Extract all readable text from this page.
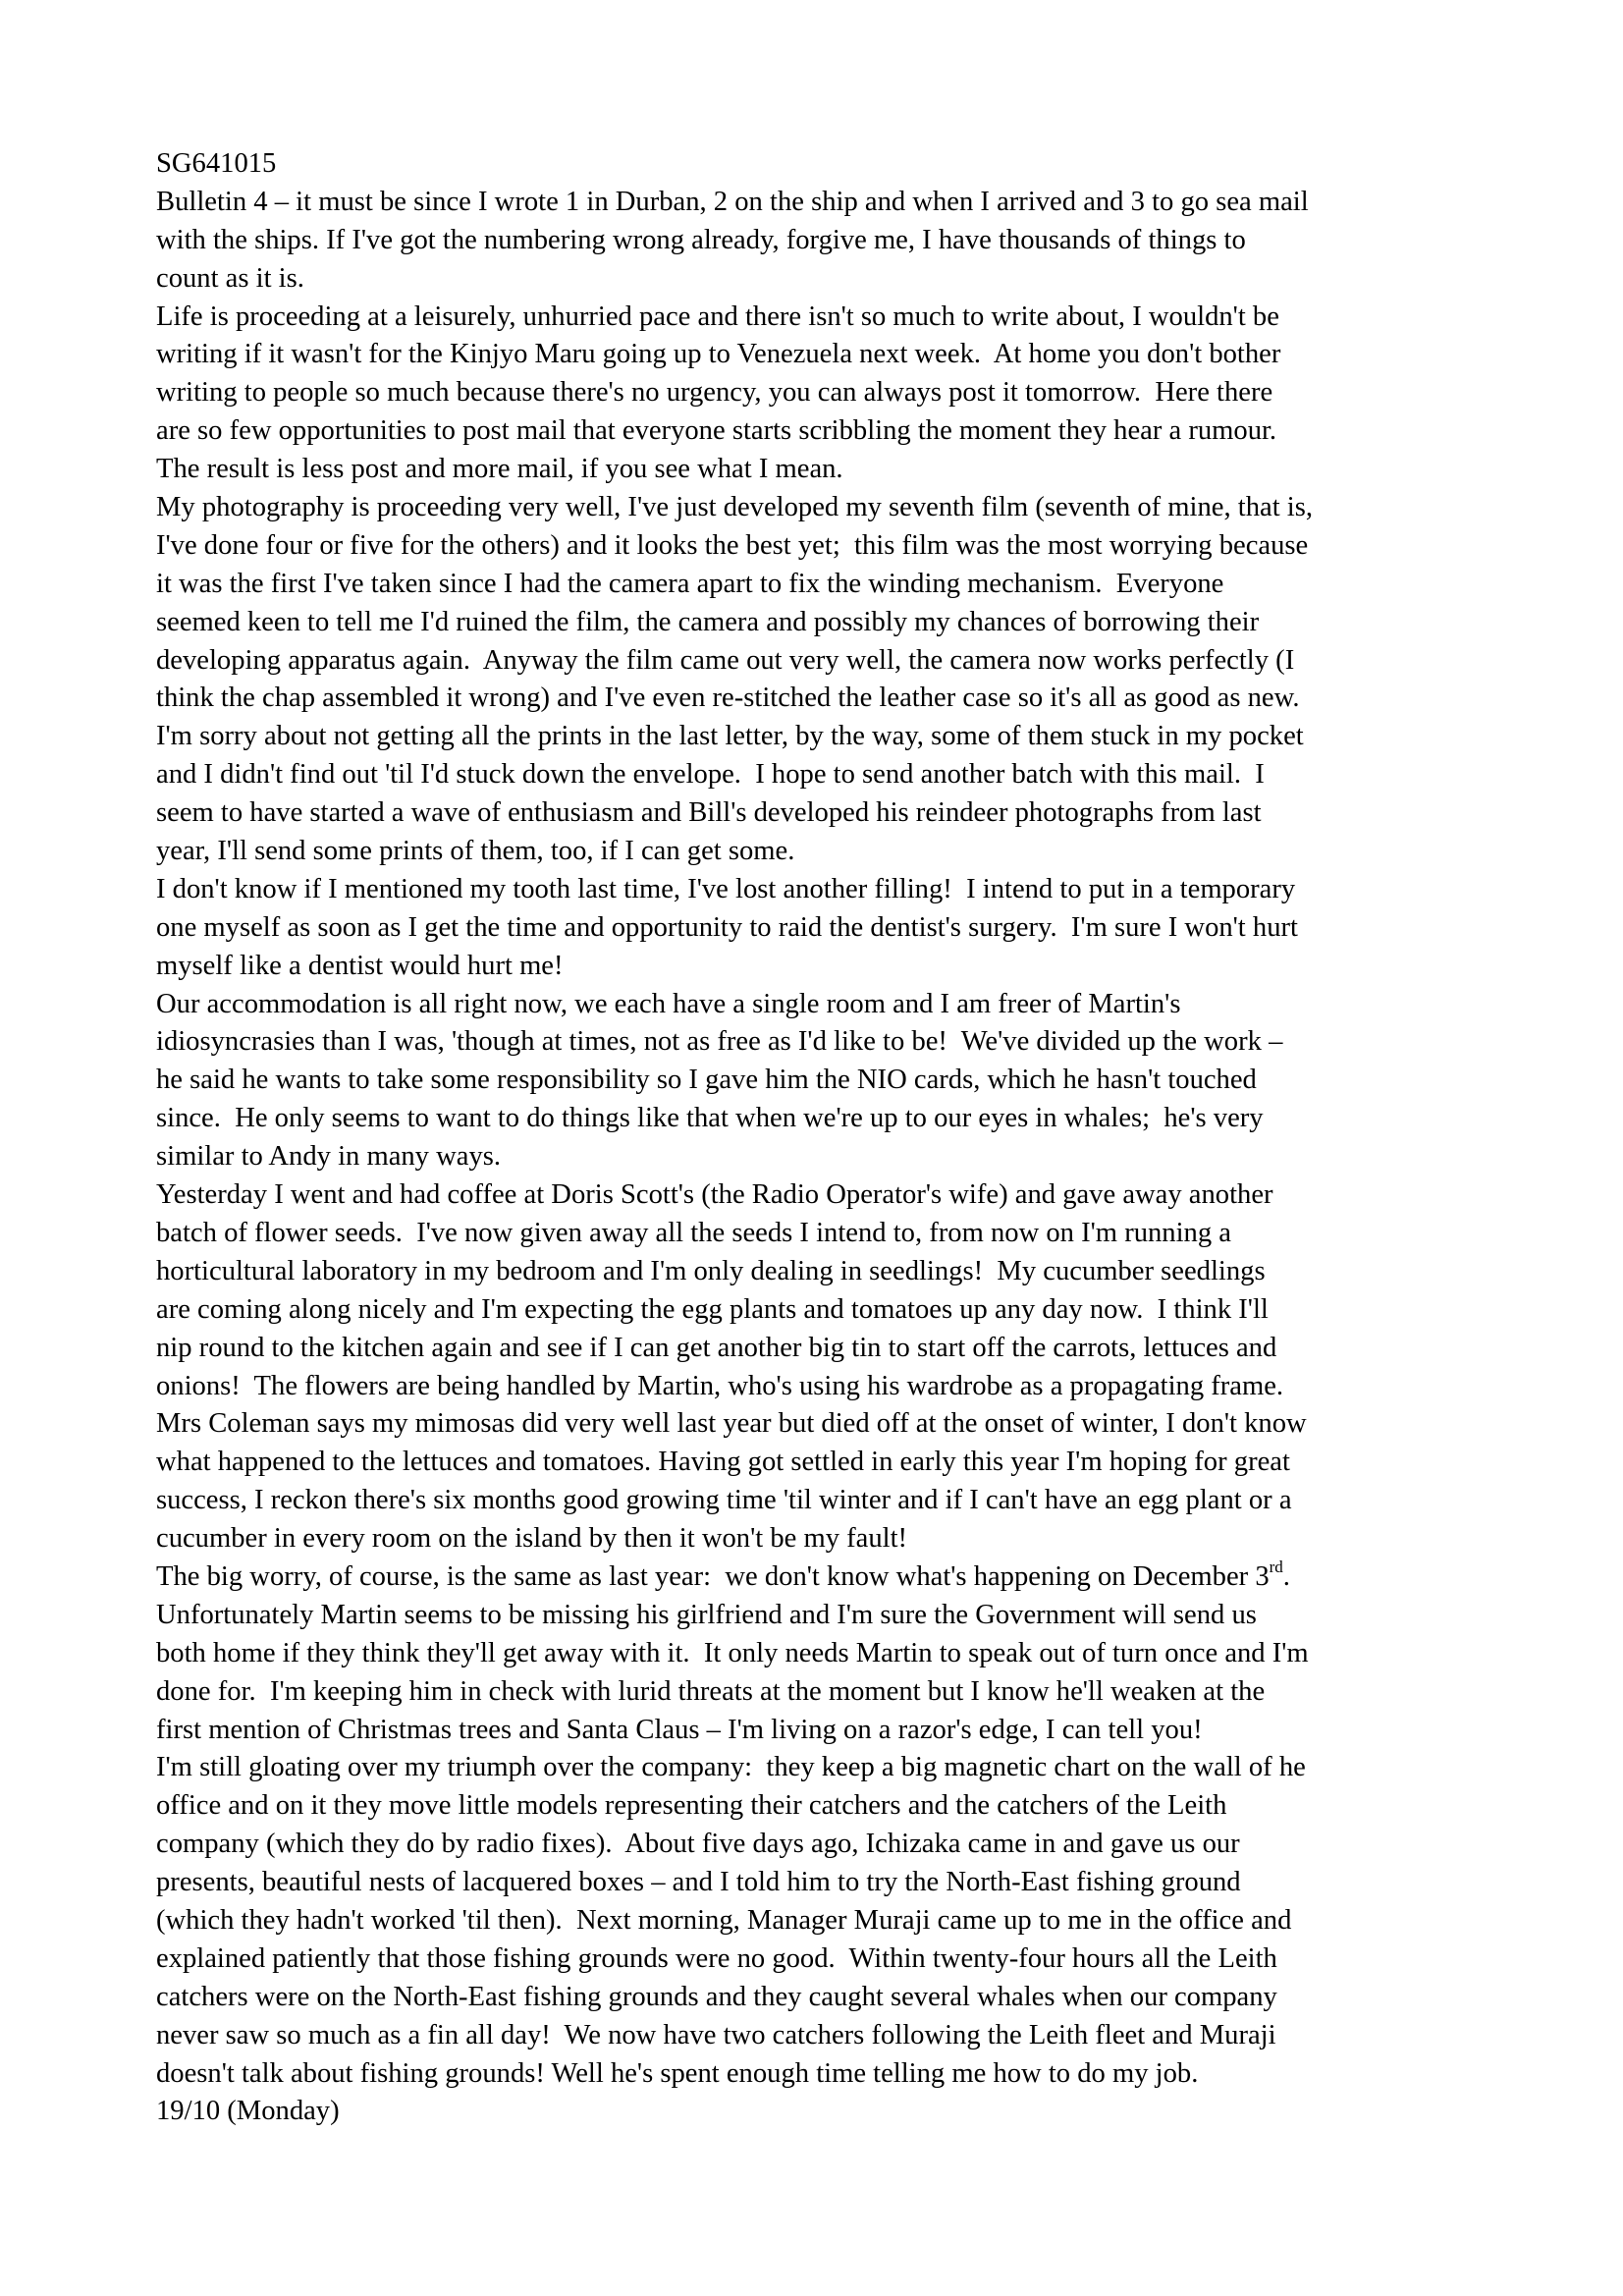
SG641015
Bulletin 4 – it must be since I wrote 1 in Durban, 2 on the ship and when I arrived and 3 to go sea mail
with the ships. If I've got the numbering wrong already, forgive me, I have thousands of things to
count as it is.
Life is proceeding at a leisurely, unhurried pace and there isn't so much to write about, I wouldn't be
writing if it wasn't for the Kinjyo Maru going up to Venezuela next week.  At home you don't bother
writing to people so much because there's no urgency, you can always post it tomorrow.  Here there
are so few opportunities to post mail that everyone starts scribbling the moment they hear a rumour.
The result is less post and more mail, if you see what I mean.
My photography is proceeding very well, I've just developed my seventh film (seventh of mine, that is,
I've done four or five for the others) and it looks the best yet;  this film was the most worrying because
it was the first I've taken since I had the camera apart to fix the winding mechanism.  Everyone
seemed keen to tell me I'd ruined the film, the camera and possibly my chances of borrowing their
developing apparatus again.  Anyway the film came out very well, the camera now works perfectly (I
think the chap assembled it wrong) and I've even re-stitched the leather case so it's all as good as new.
I'm sorry about not getting all the prints in the last letter, by the way, some of them stuck in my pocket
and I didn't find out 'til I'd stuck down the envelope.  I hope to send another batch with this mail.  I
seem to have started a wave of enthusiasm and Bill's developed his reindeer photographs from last
year, I'll send some prints of them, too, if I can get some.
I don't know if I mentioned my tooth last time, I've lost another filling!  I intend to put in a temporary
one myself as soon as I get the time and opportunity to raid the dentist's surgery.  I'm sure I won't hurt
myself like a dentist would hurt me!
Our accommodation is all right now, we each have a single room and I am freer of Martin's
idiosyncrasies than I was, 'though at times, not as free as I'd like to be!  We've divided up the work –
he said he wants to take some responsibility so I gave him the NIO cards, which he hasn't touched
since.  He only seems to want to do things like that when we're up to our eyes in whales;  he's very
similar to Andy in many ways.
Yesterday I went and had coffee at Doris Scott's (the Radio Operator's wife) and gave away another
batch of flower seeds.  I've now given away all the seeds I intend to, from now on I'm running a
horticultural laboratory in my bedroom and I'm only dealing in seedlings!  My cucumber seedlings
are coming along nicely and I'm expecting the egg plants and tomatoes up any day now.  I think I'll
nip round to the kitchen again and see if I can get another big tin to start off the carrots, lettuces and
onions!  The flowers are being handled by Martin, who's using his wardrobe as a propagating frame.
Mrs Coleman says my mimosas did very well last year but died off at the onset of winter, I don't know
what happened to the lettuces and tomatoes. Having got settled in early this year I'm hoping for great
success, I reckon there's six months good growing time 'til winter and if I can't have an egg plant or a
cucumber in every room on the island by then it won't be my fault!
The big worry, of course, is the same as last year:  we don't know what's happening on December 3rd.
Unfortunately Martin seems to be missing his girlfriend and I'm sure the Government will send us
both home if they think they'll get away with it.  It only needs Martin to speak out of turn once and I'm
done for.  I'm keeping him in check with lurid threats at the moment but I know he'll weaken at the
first mention of Christmas trees and Santa Claus – I'm living on a razor's edge, I can tell you!
I'm still gloating over my triumph over the company:  they keep a big magnetic chart on the wall of he
office and on it they move little models representing their catchers and the catchers of the Leith
company (which they do by radio fixes).  About five days ago, Ichizaka came in and gave us our
presents, beautiful nests of lacquered boxes – and I told him to try the North-East fishing ground
(which they hadn't worked 'til then).  Next morning, Manager Muraji came up to me in the office and
explained patiently that those fishing grounds were no good.  Within twenty-four hours all the Leith
catchers were on the North-East fishing grounds and they caught several whales when our company
never saw so much as a fin all day!  We now have two catchers following the Leith fleet and Muraji
doesn't talk about fishing grounds! Well he's spent enough time telling me how to do my job.
19/10 (Monday)
